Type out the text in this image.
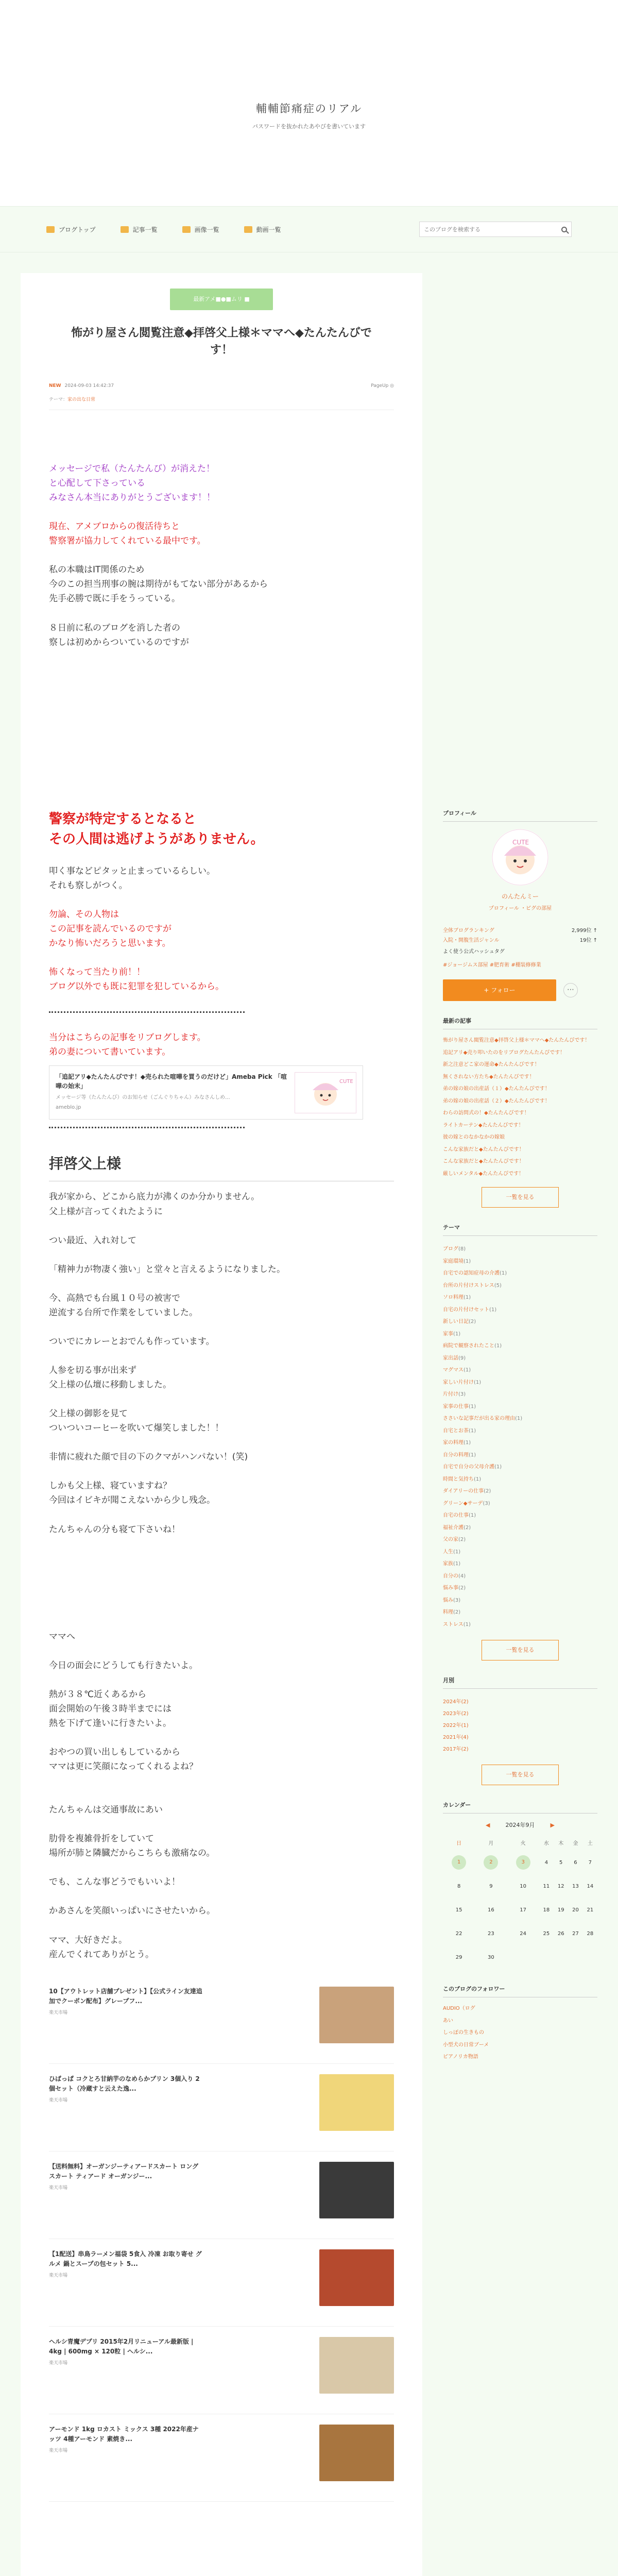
輔輔節痛症のリアル
パスワードを抜かれたあやびを書いています
ブログトップ	記事一覧	画像一覧	動画一覧
このブログを検索する
最新アメ■●■ムリ ■
怖がり屋さん閲覧注意◆拝啓父上様＊ママへ◆たんたんびです！
NEW 2024-09-03 14:42:37	PageUp ◎
テーマ：家の出な日常
メッセージで私（たんたんび）が消えた！
と心配して下さっている
みなさん本当にありがとうございます！！
現在、アメブロからの復活待ちと
警察署が協力してくれている最中です。
私の本職はIT関係のため
今のこの担当刑事の腕は期待がもてない部分があるから
先手必勝で既に手をうっている。
８日前に私のブログを消した者の
察しは初めからついているのですが
警察が特定するとなると
その人間は逃げようがありません。
叩く事などピタッと止まっているらしい。
それも察しがつく。
勿論、その人物は
この記事を読んでいるのですが
かなり怖いだろうと思います。
怖くなって当たり前！！
ブログ以外でも既に犯罪を犯しているから。
当分はこちらの記事をリブログします。
弟の妻について書いています。
「追記アリ◆たんたんびです！◆売られた喧嘩を買うのだけど」Ameba Pick 「喧嘩の始末」
メッセージ等（たんたんび）のお知らせ（ごんぐりちゃん）みなさんしめ...
ameblo.jp
CUTE
拝啓父上様
我が家から、どこから底力が沸くのか分かりません。
父上様が言ってくれたように
つい最近、入れ対して
「精神力が物凄く強い」と堂々と言えるようになりました。
今、高熱でも台風１０号の被害で
逆流する台所で作業をしていました。
ついでにカレーとおでんも作っています。
人参を切る事が出来ず
父上様の仏壇に移動しました。
父上様の御影を見て
ついついコーヒーを吹いて爆笑しました！！
非情に疲れた顔で目の下のクマがハンパない！(笑)
しかも父上様、寝ていますね？
今回はイビキが聞こえないから少し残念。
たんちゃんの分も寝て下さいね！
ママへ
今日の面会にどうしても行きたいよ。
熱が３８℃近くあるから
面会開始の午後３時半までには
熱を下げて逢いに行きたいよ。
おやつの買い出しもしているから
ママは更に笑顔になってくれるよね？
たんちゃんは交通事故にあい
肋骨を複雑骨折をしていて
場所が肺と隣臓だからこちらも激痛なの。
でも、こんな事どうでもいいよ！
かあさんを笑顔いっぱいにさせたいから。
ママ、大好きだよ。
産んでくれてありがとう。
10【アウトレット店舗プレゼント】【公式ライン友達追加でクーポン配布】グレープフ...
楽天市場
ひばっぱ コクとろ甘納芋のなめらかプリン 3個入り 2個セット（冷蔵すと云えた逸...
楽天市場
【送料無料】オーガンジーティアードスカート ロングスカート ティアード オーガンジー...
楽天市場
【1配送】串鳥ラーメン福袋 5食入 冷凍 お取り寄せ グルメ 鍋とスープの包セット 5...
楽天市場
ヘルシ青魔デプリ 2015年2月リニューアル最新版 | 4kg | 600mg × 120粒 | ヘルシ...
楽天市場
アーモンド 1kg ロカスト ミックス 3種 2022年産ナッツ 4種アーモンド 素焼き...
楽天市場
プロフィール
CUTE
のんたんミー
プロフィール ・ピグの部屋
全体ブログランキング	2,999位 ↑
入院・開腹生活ジャンル	19位 ↑
よく使う公式ハッシュタグ
#ジョージムス部屋 #肥育術 #棚装修修業
+ フォロー	⋯
最新の記事
怖がり屋さん閲覧注意◆拝啓父上様＊ママへ◆たんたんびです！
追記アリ◆売り叩いたのをリブログたんたんびです！
新之注意どこ家の運命◆たんたんびです！
無くされない方たち◆たんたんびです！
弟の嫁の娘の出産話（１）◆たんたんびです！
弟の嫁の娘の出産話（２）◆たんたんびです！
わらの訪問式の！◆たんたんびです！
ライトカーテン◆たんたんびです！
彼の嫁とのなかなかの嫁娘
こんな家族だと◆たんたんびです！
こんな家族だと◆たんたんびです！
厳しいメンタル◆たんたんびです！
一覧を見る
テーマ
ブログ(8)
家庭環境(1)
自宅での認知症母の介護(1)
台所の片付けストレス(5)
ソロ料理(1)
自宅の片付けセット(1)
新しい日記(2)
家事(1)
病院で観察されたこと(1)
家出話(9)
マグマス(1)
家しい片付け(1)
片付け(3)
家事の仕事(1)
ささいな記事だが出る家の理由(1)
自宅とお茶(1)
家の料理(1)
自分の料理(1)
自宅で自分の父母介護(1)
時間と気持ち(1)
ダイアリーの仕事(2)
グリーン◆サーデ(3)
自宅の仕事(1)
福祉介護(2)
父の家(2)
人生(1)
家族(1)
自分の(4)
悩み事(2)
悩み(3)
料理(2)
ストレス(1)
一覧を見る
月別
2024年(2)
2023年(2)
2022年(1)
2021年(4)
2017年(2)
一覧を見る
カレンダー
◀	2024年9月	▶
日	月	火	水	木	金	土
1	2	3	4	5	6	7
8	9	10	11	12	13	14
15	16	17	18	19	20	21
22	23	24	25	26	27	28
29	30					
このブログのフォロワー
AUDIO（ログ
あい
しっぽの生きもの
小型犬の日常ブーメ
ピアノリカ物語
